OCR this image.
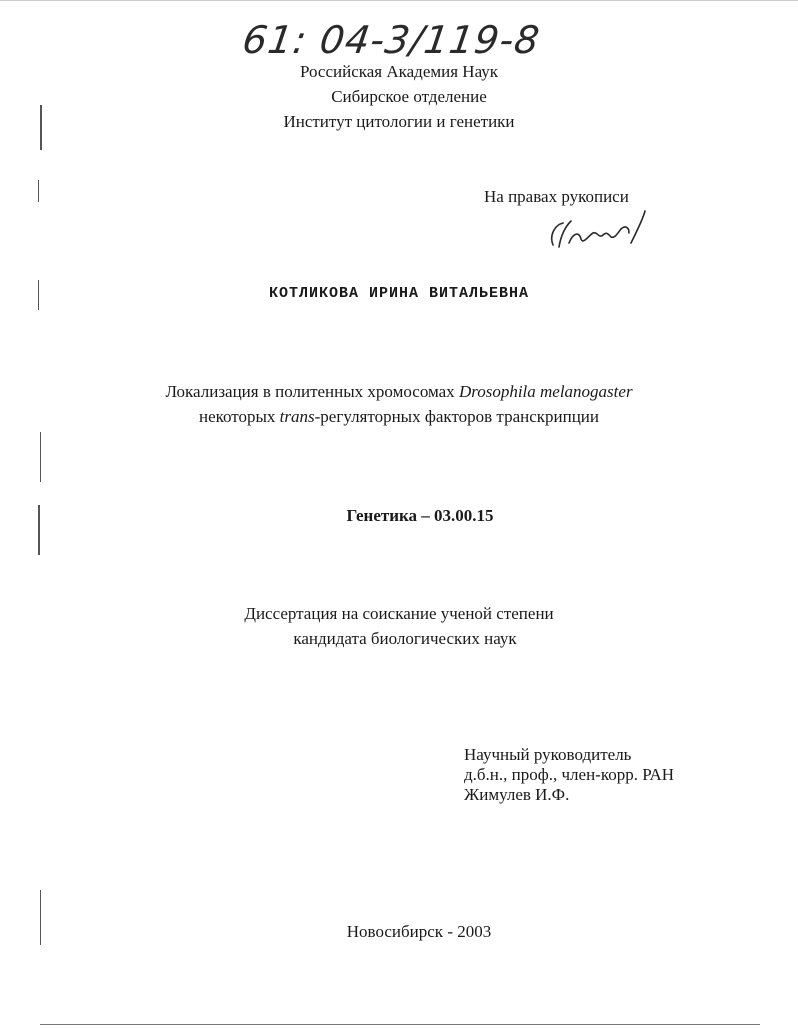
61: 04-3/119-8
Российская Академия Наук
Сибирское отделение
Институт цитологии и генетики
На правах рукописи
КОТЛИКОВА ИРИНА ВИТАЛЬЕВНА
Локализация в политенных хромосомах Drosophila melanogaster
некоторых trans-регуляторных факторов транскрипции
Генетика – 03.00.15
Диссертация на соискание ученой степени
кандидата биологических наук
Научный руководитель
д.б.н., проф., член-корр. РАН
Жимулев И.Ф.
Новосибирск - 2003
